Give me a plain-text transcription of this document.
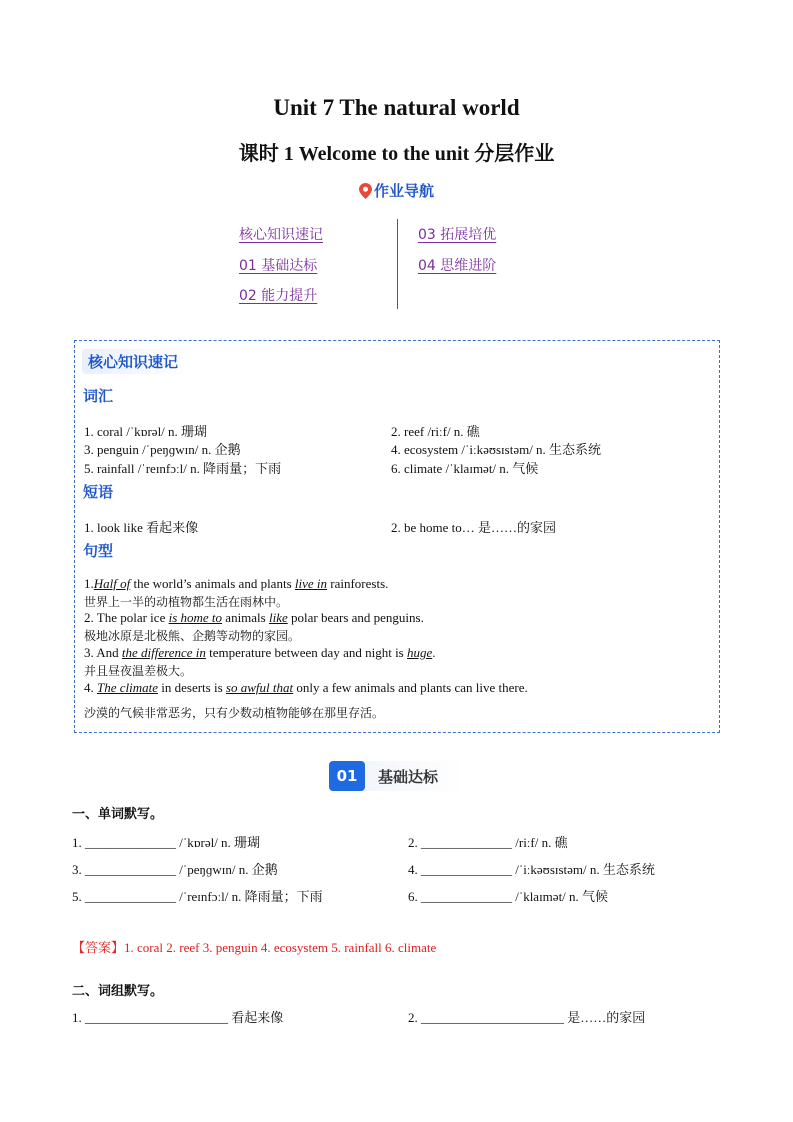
Unit 7 The natural world
课时 1 Welcome to the unit 分层作业
作业导航
核心知识速记
01 基础达标
02 能力提升
03 拓展培优
04 思维进阶
核心知识速记
词汇
1. coral /ˈkɒrəl/ n. 珊瑚	2. reef /riːf/ n. 礁
3. penguin /ˈpeŋɡwɪn/ n. 企鹅	4. ecosystem /ˈiːkəʊsɪstəm/ n. 生态系统
5. rainfall /ˈreɪnfɔːl/ n. 降雨量；下雨	6. climate /ˈklaɪmət/ n. 气候
短语
1. look like 看起来像	2. be home to… 是……的家园
句型
1.Half of the world’s animals and plants live in rainforests.
世界上一半的动植物都生活在雨林中。
2. The polar ice is home to animals like polar bears and penguins.
极地冰原是北极熊、企鹅等动物的家园。
3. And the difference in temperature between day and night is huge.
并且昼夜温差极大。
4. The climate in deserts is so awful that only a few animals and plants can live there.
沙漠的气候非常恶劣，只有少数动植物能够在那里存活。
01	基础达标
一、单词默写。
1. ______________ /ˈkɒrəl/ n. 珊瑚	2. ______________ /riːf/ n. 礁
3. ______________ /ˈpeŋɡwɪn/ n. 企鹅	4. ______________ /ˈiːkəʊsɪstəm/ n. 生态系统
5. ______________ /ˈreɪnfɔːl/ n. 降雨量；下雨	6. ______________ /ˈklaɪmət/ n. 气候
【答案】1. coral 2. reef 3. penguin 4. ecosystem 5. rainfall 6. climate
二、词组默写。
1. ______________________ 看起来像	2. ______________________ 是……的家园
